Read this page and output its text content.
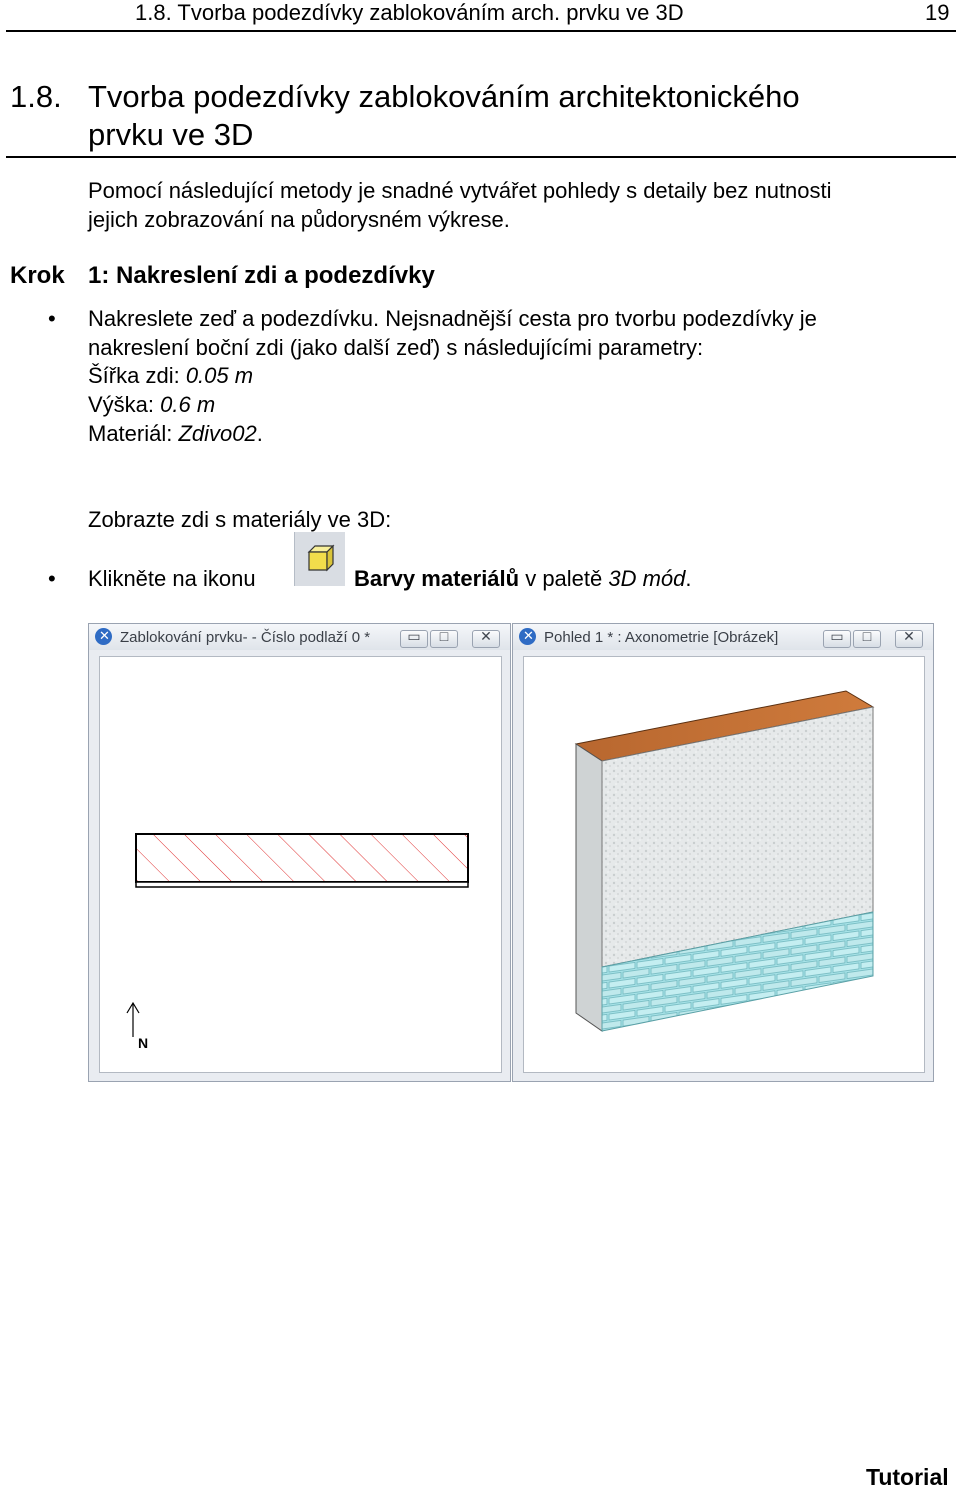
1.8. Tvorba podezdívky zablokováním arch. prvku ve 3D	19
1.8. Tvorba podezdívky zablokováním architektonického
prvku ve 3D
Pomocí následující metody je snadné vytvářet pohledy s detaily bez nutnosti
jejich zobrazování na půdorysném výkrese.
Krok 1: Nakreslení zdi a podezdívky
• Nakreslete zeď a podezdívku. Nejsnadnější cesta pro tvorbu podezdívky je
nakreslení boční zdi (jako další zeď) s následujícími parametry:
Šířka zdi: 0.05 m
Výška: 0.6 m
Materiál: Zdivo02.
Zobrazte zdi s materiály ve 3D:
• Klikněte na ikonu	Barvy materiálů v paletě 3D mód.
✕ Zablokování prvku- - Číslo podlaží 0 *	▭	□	✕
N
✕ Pohled 1 * : Axonometrie [Obrázek]	▭	□	✕
Tutorial
